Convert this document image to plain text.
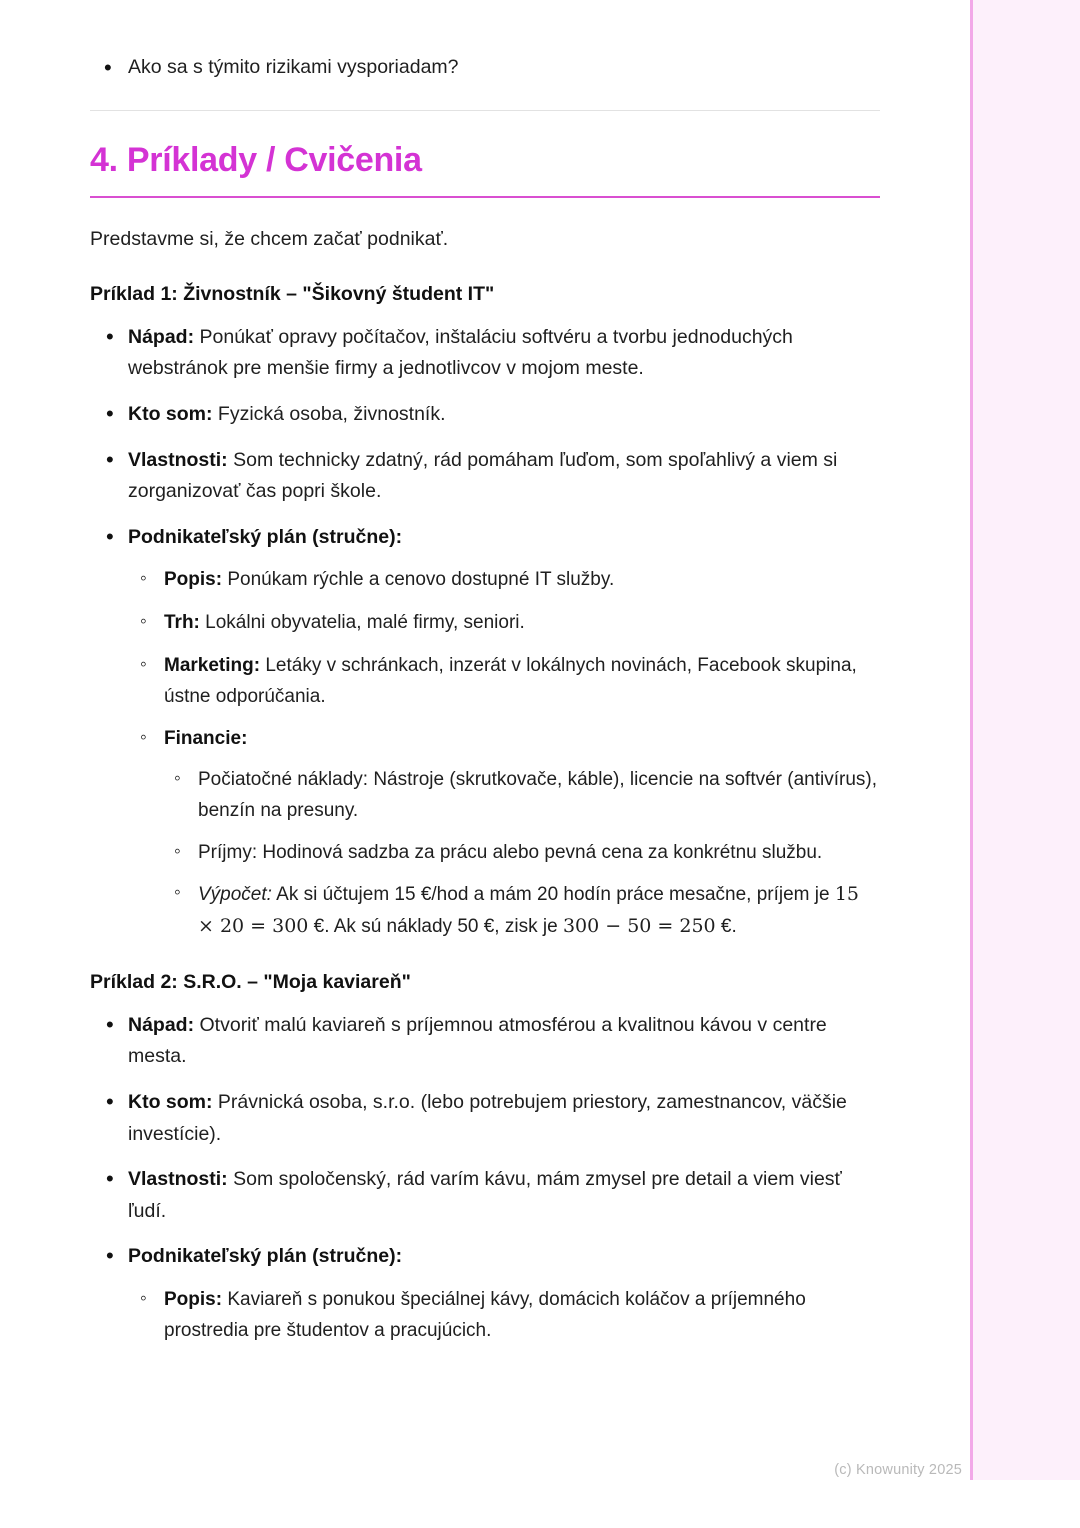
• Ako sa s týmito rizikami vysporiadam?
4. Príklady / Cvičenia

Predstavme si, že chcem začať podnikať.

Príklad 1: Živnostník – "Šikovný študent IT"

• Nápad: Ponúkať opravy počítačov, inštaláciu softvéru a tvorbu jednoduchých webstránok pre menšie firmy a jednotlivcov v mojom meste.
• Kto som: Fyzická osoba, živnostník.
• Vlastnosti: Som technicky zdatný, rád pomáham ľuďom, som spoľahlivý a viem si zorganizovať čas popri škole.
• Podnikateľský plán (stručne):
◦ Popis: Ponúkam rýchle a cenovo dostupné IT služby.
◦ Trh: Lokálni obyvatelia, malé firmy, seniori.
◦ Marketing: Letáky v schránkach, inzerát v lokálnych novinách, Facebook skupina, ústne odporúčania.
◦ Financie:
◦ Počiatočné náklady: Nástroje (skrutkovače, káble), licencie na softvér (antivírus), benzín na presuny.
◦ Príjmy: Hodinová sadzba za prácu alebo pevná cena za konkrétnu službu.
◦ Výpočet: Ak si účtujem 15 €/hod a mám 20 hodín práce mesačne, príjem je 15 × 20 = 300 €. Ak sú náklady 50 €, zisk je 300 − 50 = 250 €.

Príklad 2: S.R.O. – "Moja kaviareň"

• Nápad: Otvoriť malú kaviareň s príjemnou atmosférou a kvalitnou kávou v centre mesta.
• Kto som: Právnická osoba, s.r.o. (lebo potrebujem priestory, zamestnancov, väčšie investície).
• Vlastnosti: Som spoločenský, rád varím kávu, mám zmysel pre detail a viem viesť ľudí.
• Podnikateľský plán (stručne):
◦ Popis: Kaviareň s ponukou špeciálnej kávy, domácich koláčov a príjemného prostredia pre študentov a pracujúcich.
(c) Knowunity 2025
